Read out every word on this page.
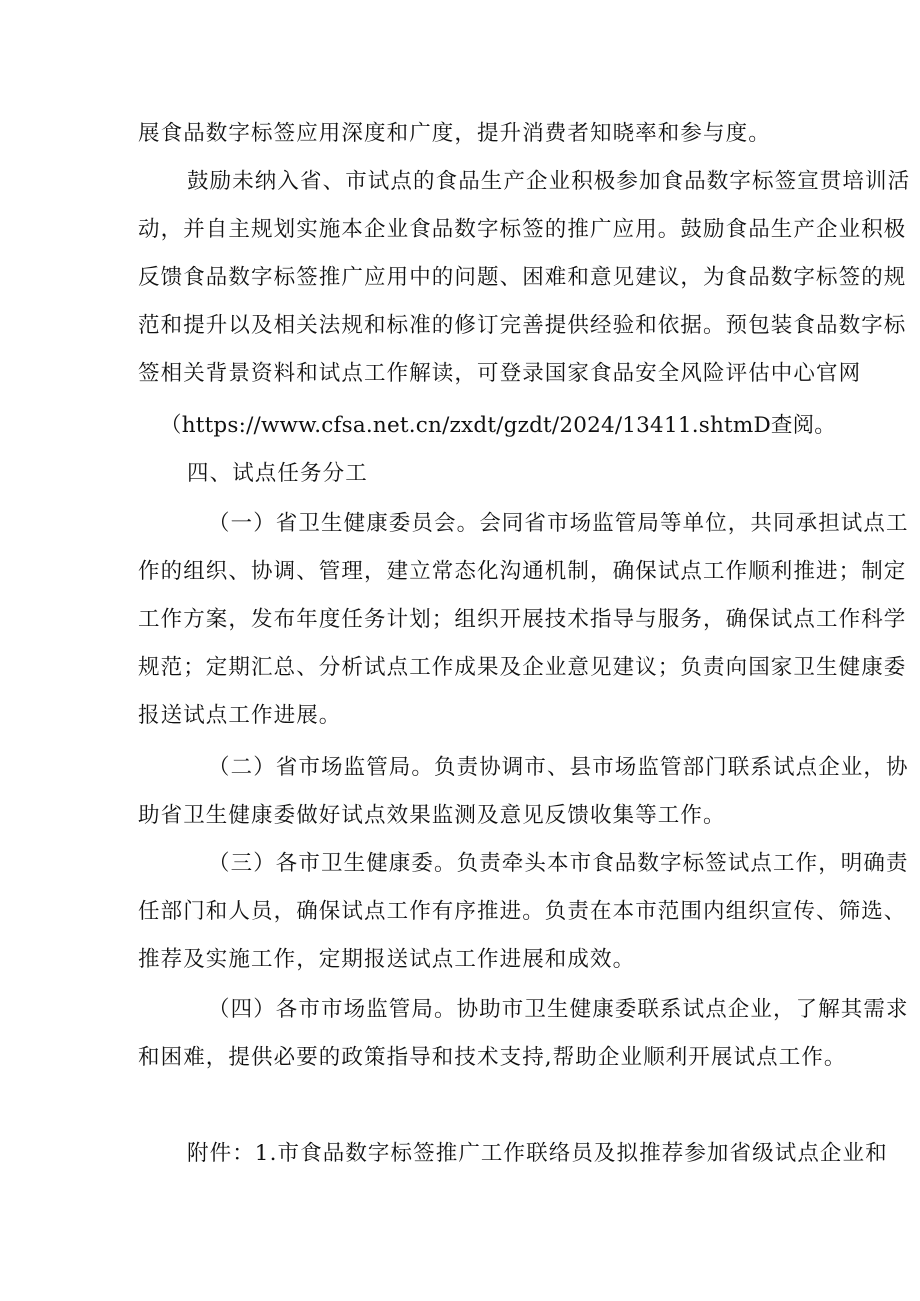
展食品数字标签应用深度和广度，提升消费者知晓率和参与度。
鼓励未纳入省、市试点的食品生产企业积极参加食品数字标签宣贯培训活
动，并自主规划实施本企业食品数字标签的推广应用。鼓励食品生产企业积极
反馈食品数字标签推广应用中的问题、困难和意见建议，为食品数字标签的规
范和提升以及相关法规和标准的修订完善提供经验和依据。预包装食品数字标
签相关背景资料和试点工作解读，可登录国家食品安全风险评估中心官网
（https://www.cfsa.net.cn/zxdt/gzdt/2024/13411.shtmD查阅。
四、试点任务分工
（一）省卫生健康委员会。会同省市场监管局等单位，共同承担试点工
作的组织、协调、管理，建立常态化沟通机制，确保试点工作顺利推进；制定
工作方案，发布年度任务计划；组织开展技术指导与服务，确保试点工作科学
规范；定期汇总、分析试点工作成果及企业意见建议；负责向国家卫生健康委
报送试点工作进展。
（二）省市场监管局。负责协调市、县市场监管部门联系试点企业，协
助省卫生健康委做好试点效果监测及意见反馈收集等工作。
（三）各市卫生健康委。负责牵头本市食品数字标签试点工作，明确责
任部门和人员，确保试点工作有序推进。负责在本市范围内组织宣传、筛选、
推荐及实施工作，定期报送试点工作进展和成效。
（四）各市市场监管局。协助市卫生健康委联系试点企业，了解其需求
和困难，提供必要的政策指导和技术支持,帮助企业顺利开展试点工作。
附件：1.市食品数字标签推广工作联络员及拟推荐参加省级试点企业和
